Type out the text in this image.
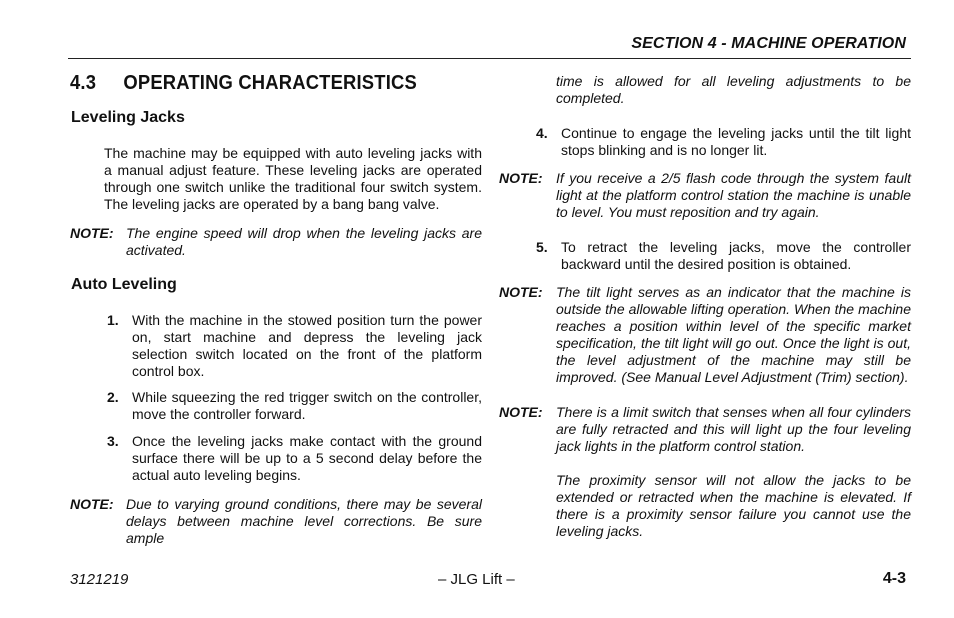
SECTION 4 - MACHINE OPERATION
4.3 OPERATING CHARACTERISTICS
Leveling Jacks
The machine may be equipped with auto leveling jacks with a manual adjust feature. These leveling jacks are operated through one switch unlike the traditional four switch system. The leveling jacks are operated by a bang bang valve.
NOTE: The engine speed will drop when the leveling jacks are activated.
Auto Leveling
1. With the machine in the stowed position turn the power on, start machine and depress the leveling jack selection switch located on the front of the platform control box.
2. While squeezing the red trigger switch on the controller, move the controller forward.
3. Once the leveling jacks make contact with the ground surface there will be up to a 5 second delay before the actual auto leveling begins.
NOTE: Due to varying ground conditions, there may be several delays between machine level corrections. Be sure ample
time is allowed for all leveling adjustments to be completed.
4. Continue to engage the leveling jacks until the tilt light stops blinking and is no longer lit.
NOTE: If you receive a 2/5 flash code through the system fault light at the platform control station the machine is unable to level. You must reposition and try again.
5. To retract the leveling jacks, move the controller backward until the desired position is obtained.
NOTE: The tilt light serves as an indicator that the machine is outside the allowable lifting operation. When the machine reaches a position within level of the specific market specification, the tilt light will go out. Once the light is out, the level adjustment of the machine may still be improved. (See Manual Level Adjustment (Trim) section).
NOTE: There is a limit switch that senses when all four cylinders are fully retracted and this will light up the four leveling jack lights in the platform control station.
The proximity sensor will not allow the jacks to be extended or retracted when the machine is elevated. If there is a proximity sensor failure you cannot use the leveling jacks.
3121219	– JLG Lift –	4-3
